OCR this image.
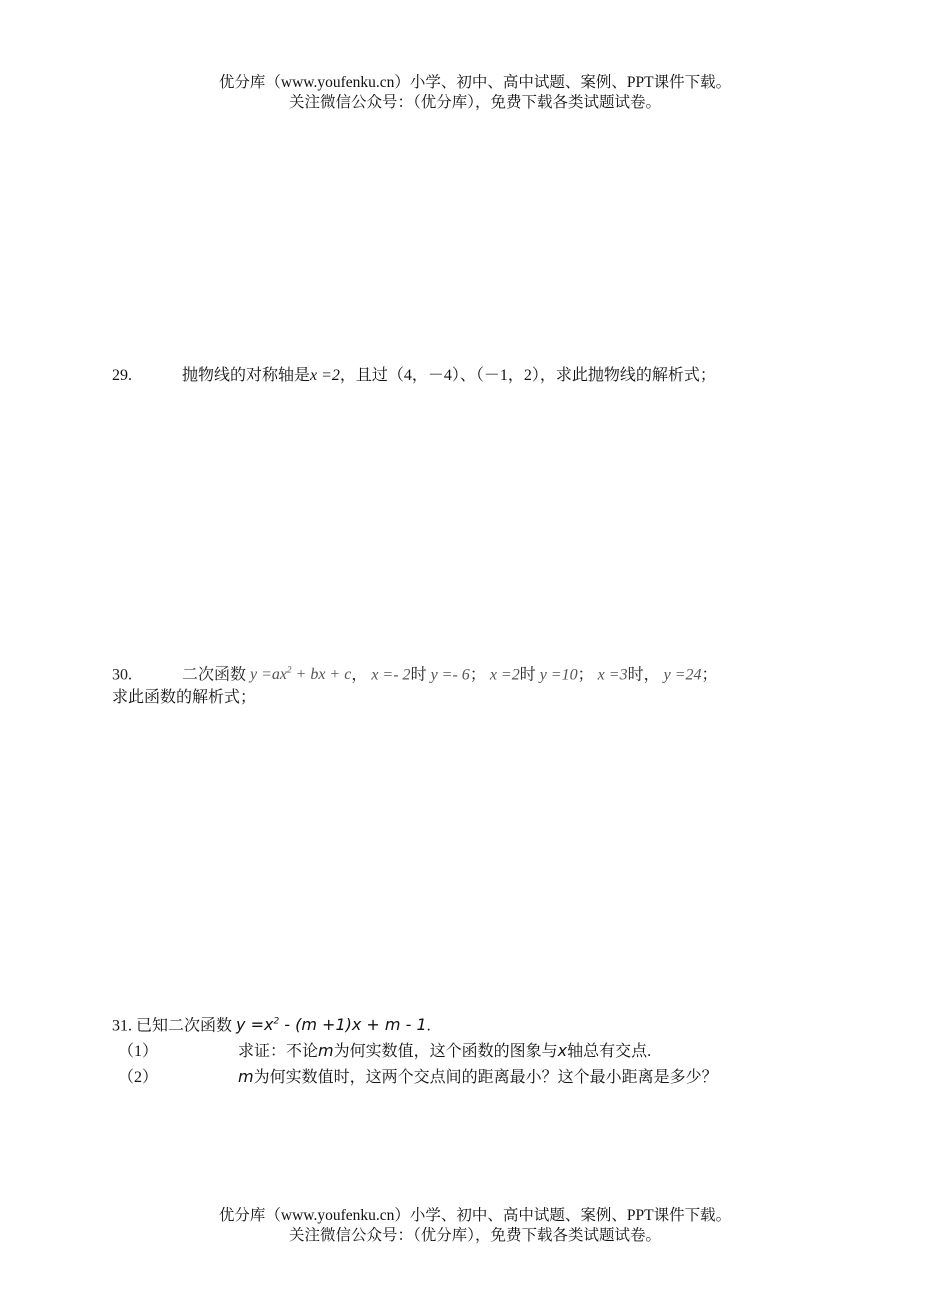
优分库（www.youfenku.cn）小学、初中、高中试题、案例、PPT课件下载。
关注微信公众号：（优分库），免费下载各类试题试卷。
29.	抛物线的对称轴是x =2，且过（4，－4）、（－1，2），求此抛物线的解析式；
30.	二次函数 $y =ax^2$ + bx + c， x =- 2时 y =- 6； x =2时 y =10； x =3时， y =24；
求此函数的解析式；
31. 已知二次函数 $y =x^2 - (m +1)x + m - 1$.
（1）	求证：不论m为何实数值，这个函数的图象与x轴总有交点.
（2）	m为何实数值时，这两个交点间的距离最小？这个最小距离是多少？
优分库（www.youfenku.cn）小学、初中、高中试题、案例、PPT课件下载。
关注微信公众号：（优分库），免费下载各类试题试卷。
